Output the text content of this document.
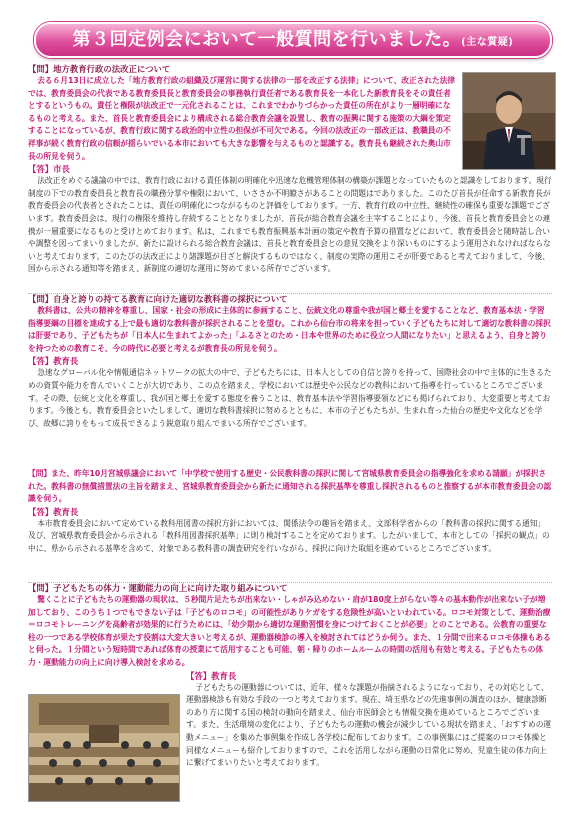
第３回定例会において一般質問を行いました。(主な質疑)
【問】地方教育行政の法改正について

去る６月13日に成立した「地方教育行政の組織及び運営に関する法律の一部を改正する法律」について、改正された法律では、教育委員会の代表である教育委員長と教育委員会の事務執行責任者である教育長を一本化した新教育長をその責任者とするというもの。責任と権限が法改正で一元化されることは、これまでわかりづらかった責任の所在がより一層明確になるものと考える。また、首長と教育委員会により構成される総合教育会議を設置し、教育の振興に関する施策の大綱を策定することになっているが、教育行政に関する政治的中立性の担保が不可欠である。今回の法改正の一部改正は、教職員の不祥事が続く教育行政の信頼が揺らいでいる本市においても大きな影響を与えるものと認識する。教育長も継続された奥山市長の所見を伺う。

【答】市長

法改正をめぐる議論の中では、教育行政における責任体制の明確化や迅速な危機管理体制の構築が課題となっていたものと認識をしております。現行制度の下での教育委員長と教育長の職務分掌や権限において、いささか不明瞭さがあることの問題はでありました。このたび首長が任命する新教育長が教育委員会の代表者とされたことは、責任の明確化につながるものと評価をしております。一方、教育行政の中立性、継続性の確保も重要な課題でございます。教育委員会は、現行の権限を維持し存続することとなりましたが、首長が総合教育会議を主宰することにより、今後、首長と教育委員会との連携が一層重要になるものと受けとめております。私は、これまでも教育振興基本計画の策定や教育予算の措置などにおいて、教育委員会と随時話し合いや調整を図ってまいりましたが、新たに設けられる総合教育会議は、首長と教育委員会との意見交換をより深いものにするよう運用されなければならないと考えております。このたびの法改正により諸課題が目ざと解決するものではなく、制度の実際の運用こそが肝要であると考えておりまして、今後、国から示される通知等を踏まえ、新制度の適切な運用に努めてまいる所存でございます。

【問】自身と誇りの持てる教育に向けた適切な教科書の採択について

教科書は、公共の精神を尊重し、国家・社会の形成に主体的に参画すること、伝統文化の尊重や我が国と郷土を愛することなど、教育基本法・学習指導要綱の目標を達成する上で最も適切な教科書が採択されることを望む。これから仙台市の将来を担っていく子どもたちに対して適切な教科書の採択は肝要であり、子どもたちが「日本人に生まれてよかった」「ふるさとのため・日本や世界のために役立つ人間になりたい」と思えるよう、自身と誇りを持つための教育こそ、今の時代に必要と考えるが教育長の所見を伺う。

【答】教育長

急速なグローバル化や情報通信ネットワークの拡大の中で、子どもたちには、日本人としての自信と誇りを持って、国際社会の中で主体的に生きるための資質や能力を育んでいくことが大切であり、この点を踏まえ、学校においては歴史や公民などの教科において指導を行っているところでございます。その際、伝統と文化を尊重し、我が国と郷土を愛する態度を養うことは、教育基本法や学習指導要領などにも掲げられており、大変重要と考えております。今後とも、教育委員会といたしまして、適切な教科書採択に努めるとともに、本市の子どもたちが、生まれ育った仙台の歴史や文化などを学び、故郷に誇りをもって成長できるよう鋭意取り組んでまいる所存でございます。

【問】また、昨年10月宮城県議会において「中学校で使用する歴史・公民教科書の採択に関して宮城県教育委員会の指導強化を求める請願」が採択された。教科書の無償措置法の主旨を踏まえ、宮城県教育委員会から新たに通知される採択基準を尊重し採択されるものと推察するが本市教育委員会の認識を伺う。

【答】教育長

本市教育委員会において定めている教科用図書の採択方針においては、関係法令の趣旨を踏まえ、文部科学省からの「教科書の採択に関する通知」及び、宮城県教育委員会から示される「教科用図書採択基準」に則り検討することを定めております。したがいまして、本市としての「採択の観点」の中に、県から示される基準を含めて、対象である教科書の調査研究を行いながら、採択に向けた取組を進めているところでございます。

【問】子どもたちの体力・運動能力の向上に向けた取り組みについて

驚くことに子どもたちの運動器の現状は、５秒間片足たちが出来ない・しゃがみ込めない・肩が180度上がらない等々の基本動作が出来ない子が増加しており、このうち１つでもできない子は「子どものロコモ」の可能性がありケガをする危険性が高いといわれている。ロコモ対策として、運動治療＝ロコモトレーニングを高齢者が効果的に行うためには、「幼少期から適切な運動習慣を身につけておくことが必要」とのことである。公教育の重要な柱の一つである学校体育が果たす役割は大変大きいと考えるが、運動器検診の導入を検討されてはどうか伺う。また、１分間で出来るロコモ体操もあると伺った。１分間という短時間であれば体育の授業にて活用することも可能、朝・帰りのホームルームの時間の活用も有効と考える。子どもたちの体力・運動能力の向上に向け導入検討を求める。

【答】教育長

子どもたちの運動器については、近年、様々な課題が指摘されるようになっており、その対応として、運動器検診も有効な手段の一つと考えております。現在、埼玉県などの先進事例の調査のほか、健康診断のあり方に関する国の検討の動向を踏まえ、仙台市医師会とも情報交換を進めているところでございます。また、生活環境の変化により、子どもたちの運動の機会が減少している現状を踏まえ、「おすすめの運動メニュー」を集めた事例集を作成し各学校に配布しております。この事例集にはご提案のロコモ体操と同様なメニューも紹介しておりますので、これを活用しながら運動の日常化に努め、児童生徒の体力向上に繋げてまいりたいと考えております。
